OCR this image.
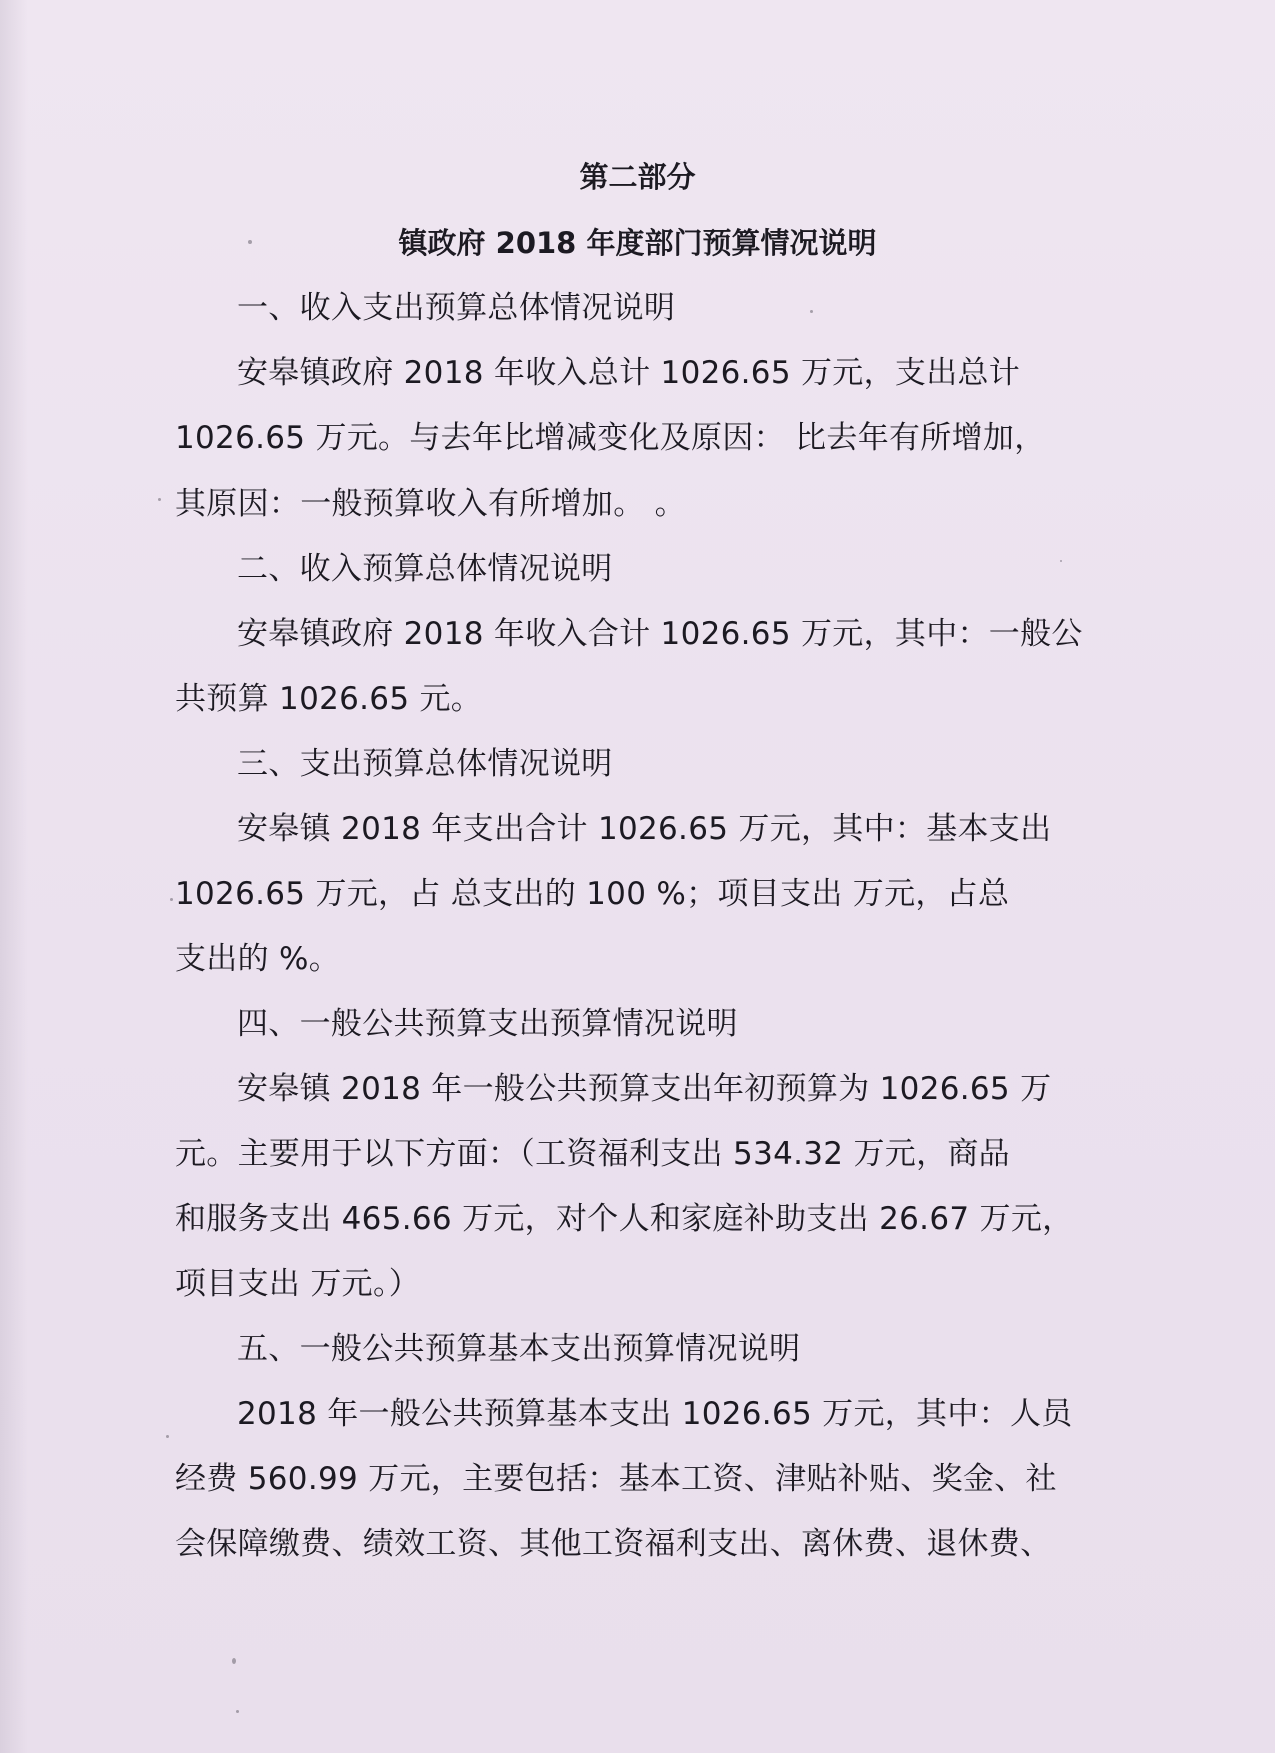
第二部分
镇政府 2018 年度部门预算情况说明
一、收入支出预算总体情况说明
安皋镇政府 2018 年收入总计 1026.65 万元，支出总计
1026.65 万元。与去年比增减变化及原因： 比去年有所增加，
其原因：一般预算收入有所增加。 。
二、收入预算总体情况说明
安皋镇政府 2018 年收入合计 1026.65 万元，其中：一般公
共预算 1026.65 元。
三、支出预算总体情况说明
安皋镇 2018 年支出合计 1026.65 万元，其中：基本支出
1026.65 万元，占 总支出的 100 %；项目支出 万元，占总
支出的 %。
四、一般公共预算支出预算情况说明
安皋镇 2018 年一般公共预算支出年初预算为 1026.65 万
元。主要用于以下方面：（工资福利支出 534.32 万元，商品
和服务支出 465.66 万元，对个人和家庭补助支出 26.67 万元，
项目支出 万元。）
五、一般公共预算基本支出预算情况说明
2018 年一般公共预算基本支出 1026.65 万元，其中：人员
经费 560.99 万元，主要包括：基本工资、津贴补贴、奖金、社
会保障缴费、绩效工资、其他工资福利支出、离休费、退休费、
